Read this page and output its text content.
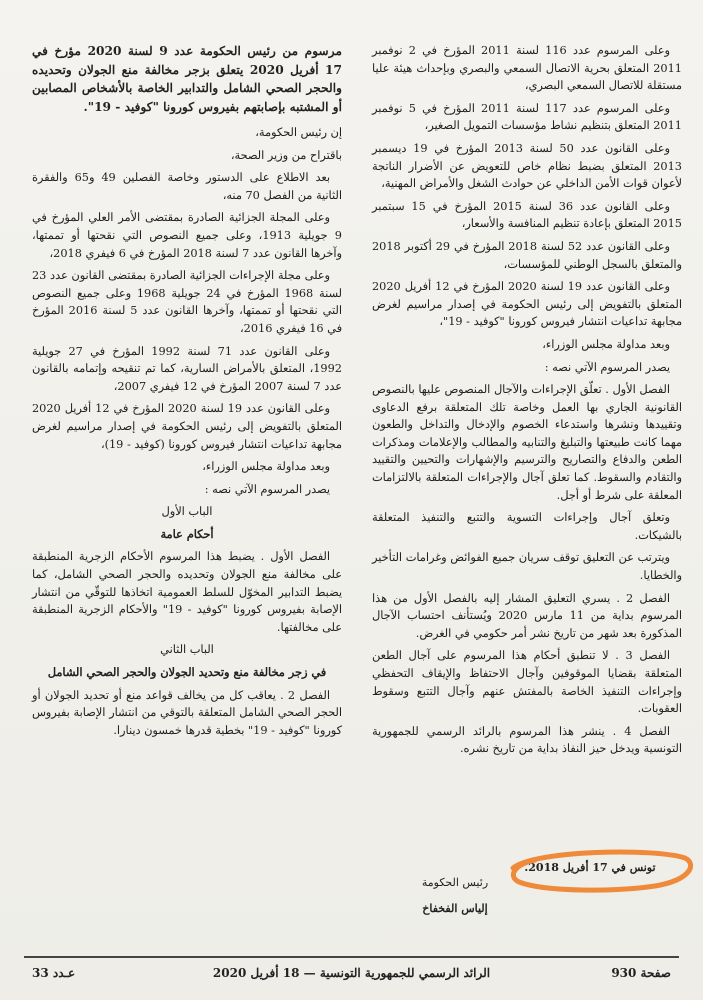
وعلى المرسوم عدد 116 لسنة 2011 المؤرخ في 2 نوفمبر 2011 المتعلق بحرية الاتصال السمعي والبصري وبإحداث هيئة عليا مستقلة للاتصال السمعي البصري،

وعلى المرسوم عدد 117 لسنة 2011 المؤرخ في 5 نوفمبر 2011 المتعلق بتنظيم نشاط مؤسسات التمويل الصغير،

وعلى القانون عدد 50 لسنة 2013 المؤرخ في 19 ديسمبر 2013 المتعلق بضبط نظام خاص للتعويض عن الأضرار الناتجة لأعوان قوات الأمن الداخلي عن حوادث الشغل والأمراض المهنية،

وعلى القانون عدد 36 لسنة 2015 المؤرخ في 15 سبتمبر 2015 المتعلق بإعادة تنظيم المنافسة والأسعار،

وعلى القانون عدد 52 لسنة 2018 المؤرخ في 29 أكتوبر 2018 والمتعلق بالسجل الوطني للمؤسسات،

وعلى القانون عدد 19 لسنة 2020 المؤرخ في 12 أفريل 2020 المتعلق بالتفويض إلى رئيس الحكومة في إصدار مراسيم لغرض مجابهة تداعيات انتشار فيروس كورونا "كوفيد - 19"،

وبعد مداولة مجلس الوزراء،

يصدر المرسوم الآتي نصه :

الفصل الأول . تعلّق الإجراءات والآجال المنصوص عليها بالنصوص القانونية الجاري بها العمل وخاصة تلك المتعلقة برفع الدعاوى وتقييدها ونشرها واستدعاء الخصوم والإدخال والتداخل والطعون مهما كانت طبيعتها والتبليغ والتنابيه والمطالب والإعلامات ومذكرات الطعن والدفاع والتصاريح والترسيم والإشهارات والتحيين والتقييد والتقادم والسقوط. كما تعلق آجال والإجراءات المتعلقة بالالتزامات المعلقة على شرط أو أجل.

وتعلق آجال وإجراءات التسوية والتتبع والتنفيذ المتعلقة بالشيكات.

ويترتب عن التعليق توقف سريان جميع الفوائض وغرامات التأخير والخطايا.

الفصل 2 . يسري التعليق المشار إليه بالفصل الأول من هذا المرسوم بداية من 11 مارس 2020 ويُستأنف احتساب الآجال المذكورة بعد شهر من تاريخ نشر أمر حكومي في الغرض.

الفصل 3 . لا تنطبق أحكام هذا المرسوم على آجال الطعن المتعلقة بقضايا الموقوفين وآجال الاحتفاظ والإيقاف التحفظي وإجراءات التنفيذ الخاصة بالمفتش عنهم وآجال التتبع وسقوط العقوبات.

الفصل 4 . ينشر هذا المرسوم بالرائد الرسمي للجمهورية التونسية ويدخل حيز النفاذ بداية من تاريخ نشره.

مرسوم من رئيس الحكومة عدد 9 لسنة 2020 مؤرخ في 17 أفريل 2020 يتعلق بزجر مخالفة منع الجولان وتحديده والحجر الصحي الشامل والتدابير الخاصة بالأشخاص المصابين أو المشتبه بإصابتهم بفيروس كورونا "كوفيد - 19".

إن رئيس الحكومة،

باقتراح من وزير الصحة،

بعد الاطلاع على الدستور وخاصة الفصلين 49 و65 والفقرة الثانية من الفصل 70 منه،

وعلى المجلة الجزائية الصادرة بمقتضى الأمر العلي المؤرخ في 9 جويلية 1913، وعلى جميع النصوص التي نقحتها أو تممتها، وآخرها القانون عدد 7 لسنة 2018 المؤرخ في 6 فيفري 2018،

وعلى مجلة الإجراءات الجزائية الصادرة بمقتضى القانون عدد 23 لسنة 1968 المؤرخ في 24 جويلية 1968 وعلى جميع النصوص التي نقحتها أو تممتها، وآخرها القانون عدد 5 لسنة 2016 المؤرخ في 16 فيفري 2016،

وعلى القانون عدد 71 لسنة 1992 المؤرخ في 27 جويلية 1992، المتعلق بالأمراض السارية، كما تم تنقيحه وإتمامه بالقانون عدد 7 لسنة 2007 المؤرخ في 12 فيفري 2007،

وعلى القانون عدد 19 لسنة 2020 المؤرخ في 12 أفريل 2020 المتعلق بالتفويض إلى رئيس الحكومة في إصدار مراسيم لغرض مجابهة تداعيات انتشار فيروس كورونا (كوفيد - 19)،

وبعد مداولة مجلس الوزراء،

يصدر المرسوم الآتي نصه :

الباب الأول

أحكام عامة

الفصل الأول . يضبط هذا المرسوم الأحكام الزجرية المنطبقة على مخالفة منع الجولان وتحديده والحجر الصحي الشامل، كما يضبط التدابير المخوّل للسلط العمومية اتخاذها للتوقّي من انتشار الإصابة بفيروس كورونا "كوفيد - 19" والأحكام الزجرية المنطبقة على مخالفتها.

الباب الثاني

في زجر مخالفة منع وتحديد الجولان والحجر الصحي الشامل

الفصل 2 . يعاقب كل من يخالف قواعد منع أو تحديد الجولان أو الحجر الصحي الشامل المتعلقة بالتوقي من انتشار الإصابة بفيروس كورونا "كوفيد - 19" بخطية قدرها خمسون دينارا.

تونس في 17 أفريل 2018.
رئيس الحكومة
إلياس الفخفاخ
صفحة 930
الرائد الرسمي للجمهورية التونسية — 18 أفريل 2020
عـدد 33
